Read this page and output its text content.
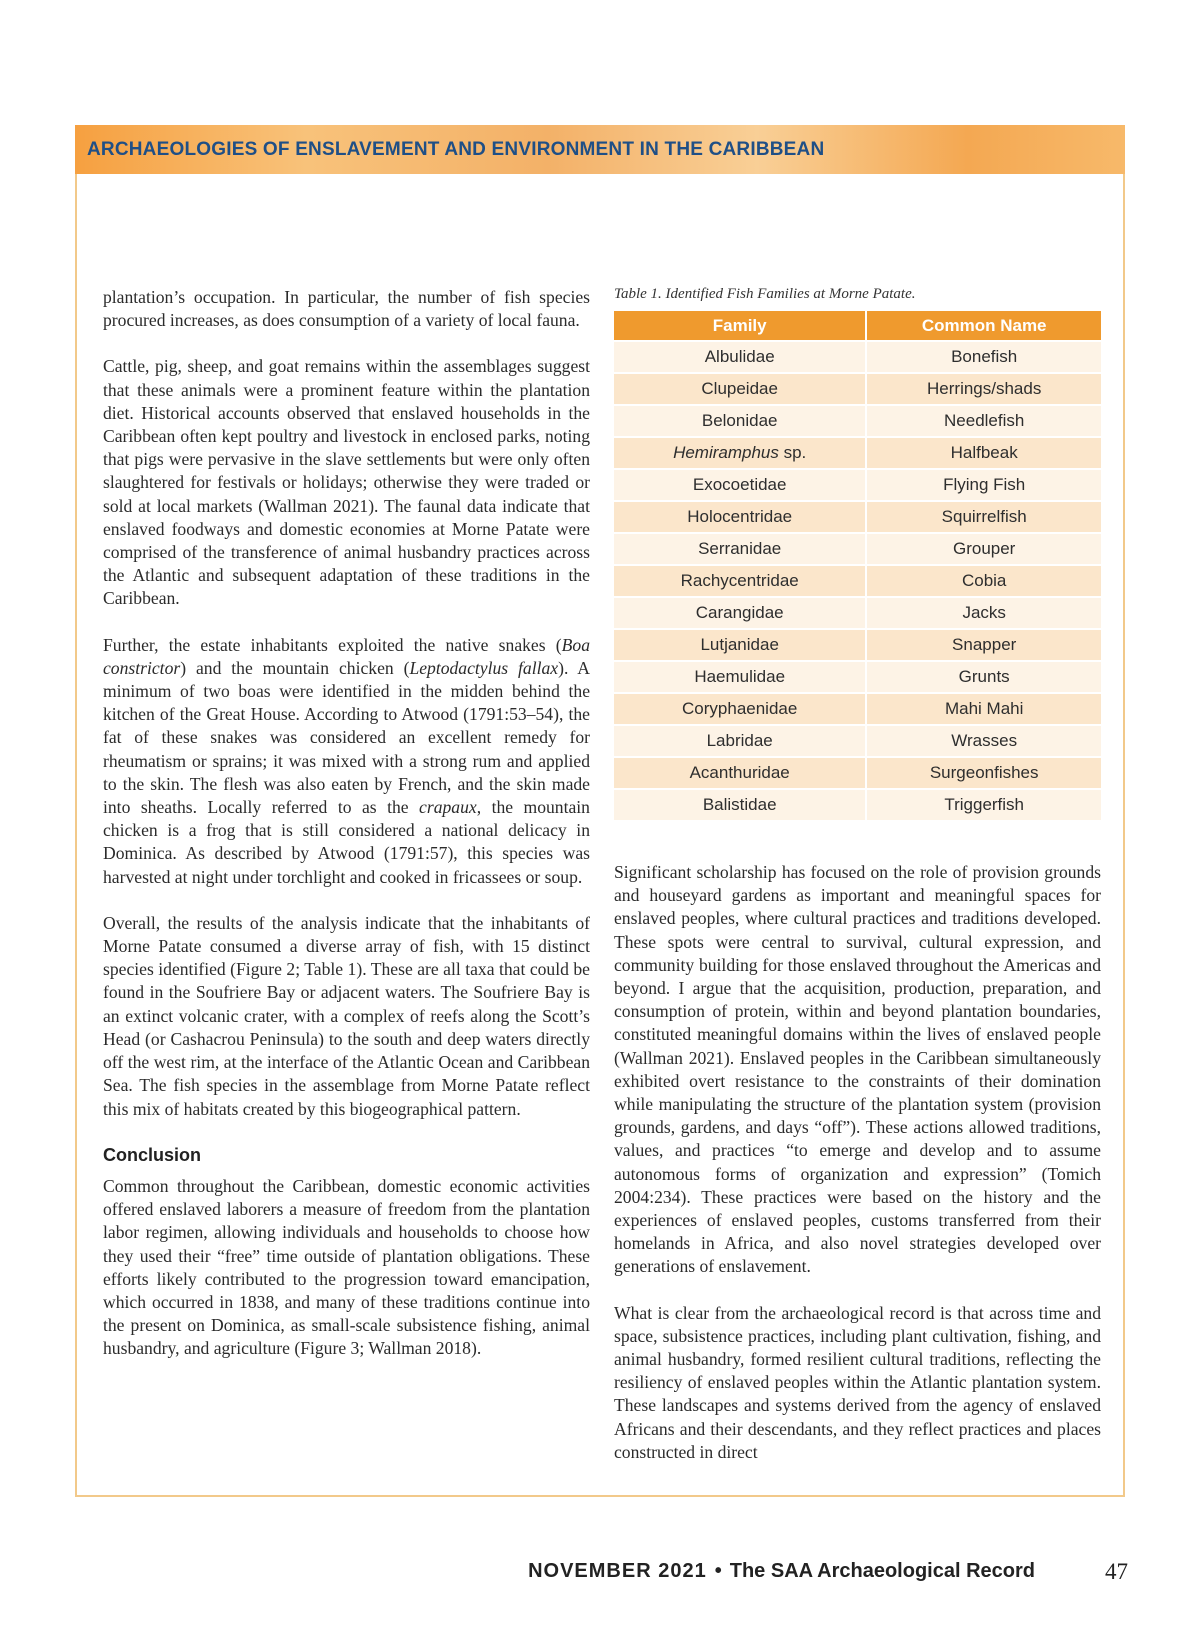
ARCHAEOLOGIES OF ENSLAVEMENT AND ENVIRONMENT IN THE CARIBBEAN

plantation’s occupation. In particular, the number of fish species procured increases, as does consumption of a variety of local fauna.

Cattle, pig, sheep, and goat remains within the assemblages suggest that these animals were a prominent feature within the plantation diet. Historical accounts observed that enslaved households in the Caribbean often kept poultry and livestock in enclosed parks, noting that pigs were pervasive in the slave settlements but were only often slaughtered for festivals or holidays; otherwise they were traded or sold at local markets (Wallman 2021). The faunal data indicate that enslaved foodways and domestic economies at Morne Patate were comprised of the transference of animal husbandry practices across the Atlantic and subsequent adaptation of these traditions in the Caribbean.

Further, the estate inhabitants exploited the native snakes (Boa constrictor) and the mountain chicken (Leptodactylus fallax). A minimum of two boas were identified in the midden behind the kitchen of the Great House. According to Atwood (1791:53–54), the fat of these snakes was considered an excellent remedy for rheumatism or sprains; it was mixed with a strong rum and applied to the skin. The flesh was also eaten by French, and the skin made into sheaths. Locally referred to as the crapaux, the mountain chicken is a frog that is still considered a national delicacy in Dominica. As described by Atwood (1791:57), this species was harvested at night under torchlight and cooked in fricassees or soup.

Overall, the results of the analysis indicate that the inhabitants of Morne Patate consumed a diverse array of fish, with 15 distinct species identified (Figure 2; Table 1). These are all taxa that could be found in the Soufriere Bay or adjacent waters. The Soufriere Bay is an extinct volcanic crater, with a complex of reefs along the Scott’s Head (or Cashacrou Peninsula) to the south and deep waters directly off the west rim, at the interface of the Atlantic Ocean and Caribbean Sea. The fish species in the assemblage from Morne Patate reflect this mix of habitats created by this biogeographical pattern.

Conclusion

Common throughout the Caribbean, domestic economic activities offered enslaved laborers a measure of freedom from the plantation labor regimen, allowing individuals and households to choose how they used their “free” time outside of plantation obligations. These efforts likely contributed to the progression toward emancipation, which occurred in 1838, and many of these traditions continue into the present on Dominica, as small-scale subsistence fishing, animal husbandry, and agriculture (Figure 3; Wallman 2018).

Table 1. Identified Fish Families at Morne Patate.
Family	Common Name
Albulidae	Bonefish
Clupeidae	Herrings/shads
Belonidae	Needlefish
Hemiramphus sp.	Halfbeak
Exocoetidae	Flying Fish
Holocentridae	Squirrelfish
Serranidae	Grouper
Rachycentridae	Cobia
Carangidae	Jacks
Lutjanidae	Snapper
Haemulidae	Grunts
Coryphaenidae	Mahi Mahi
Labridae	Wrasses
Acanthuridae	Surgeonfishes
Balistidae	Triggerfish

Significant scholarship has focused on the role of provision grounds and houseyard gardens as important and meaningful spaces for enslaved peoples, where cultural practices and traditions developed. These spots were central to survival, cultural expression, and community building for those enslaved throughout the Americas and beyond. I argue that the acquisition, production, preparation, and consumption of protein, within and beyond plantation boundaries, constituted meaningful domains within the lives of enslaved people (Wallman 2021). Enslaved peoples in the Caribbean simultaneously exhibited overt resistance to the constraints of their domination while manipulating the structure of the plantation system (provision grounds, gardens, and days “off”). These actions allowed traditions, values, and practices “to emerge and develop and to assume autonomous forms of organization and expression” (Tomich 2004:234). These practices were based on the history and the experiences of enslaved peoples, customs transferred from their homelands in Africa, and also novel strategies developed over generations of enslavement.

What is clear from the archaeological record is that across time and space, subsistence practices, including plant cultivation, fishing, and animal husbandry, formed resilient cultural traditions, reflecting the resiliency of enslaved peoples within the Atlantic plantation system. These landscapes and systems derived from the agency of enslaved Africans and their descendants, and they reflect practices and places constructed in direct

NOVEMBER 2021 • The SAA Archaeological Record	47
